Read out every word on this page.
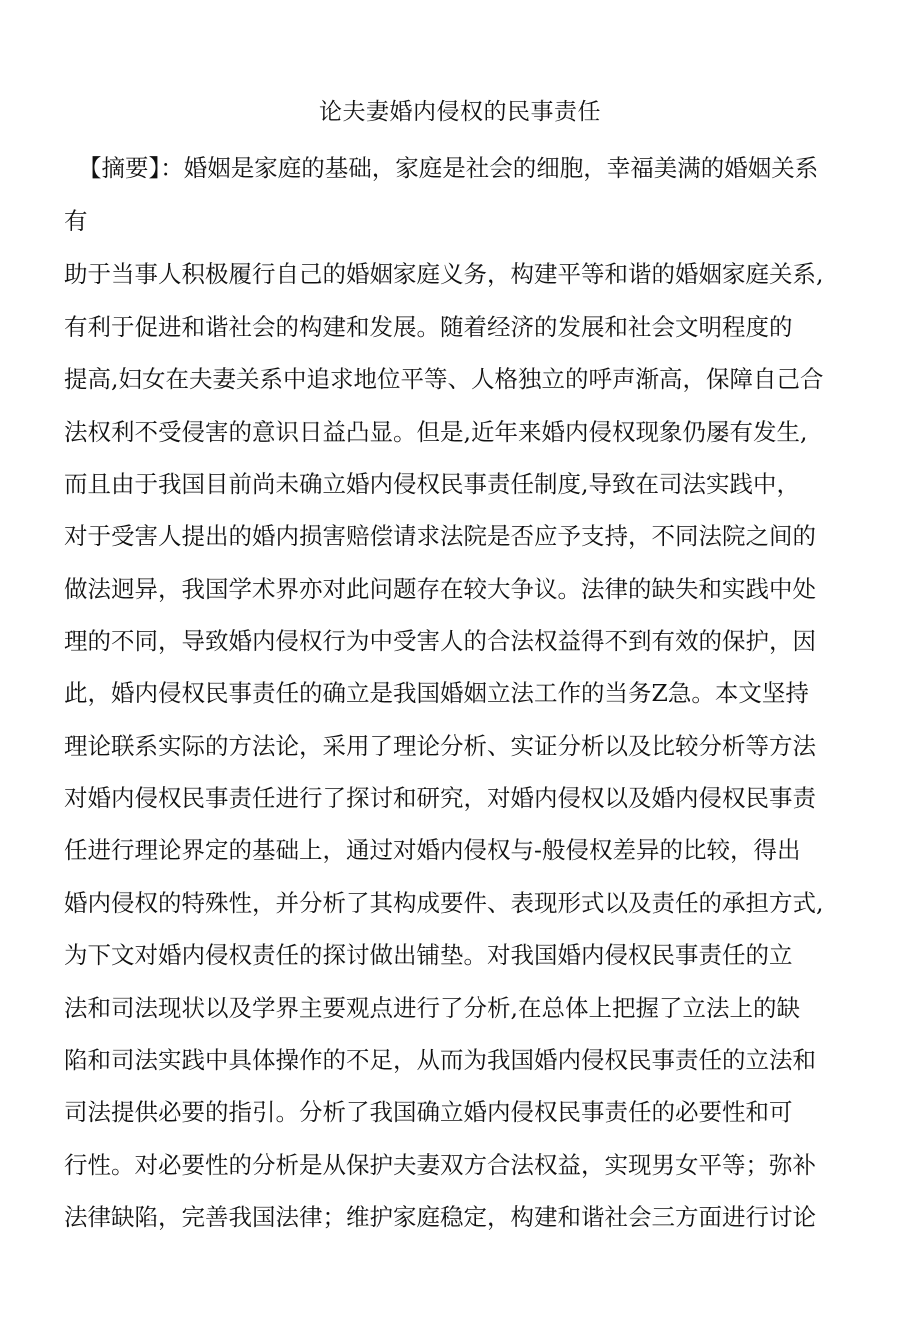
论夫妻婚内侵权的民事责任

【摘要】：婚姻是家庭的基础，家庭是社会的细胞，幸福美满的婚姻关系

有

助于当事人积极履行自己的婚姻家庭义务，构建平等和谐的婚姻家庭关系,

有利于促进和谐社会的构建和发展。随着经济的发展和社会文明程度的

提高,妇女在夫妻关系中追求地位平等、人格独立的呼声渐高，保障自己合

法权利不受侵害的意识日益凸显。但是,近年来婚内侵权现象仍屡有发生,

而且由于我国目前尚未确立婚内侵权民事责任制度,导致在司法实践中，

对于受害人提出的婚内损害赔偿请求法院是否应予支持，不同法院之间的

做法迥异，我国学术界亦对此问题存在较大争议。法律的缺失和实践中处

理的不同，导致婚内侵权行为中受害人的合法权益得不到有效的保护，因

此，婚内侵权民事责任的确立是我国婚姻立法工作的当务Z急。本文坚持

理论联系实际的方法论，采用了理论分析、实证分析以及比较分析等方法

对婚内侵权民事责任进行了探讨和研究，对婚内侵权以及婚内侵权民事责

任进行理论界定的基础上，通过对婚内侵权与-般侵权差异的比较，得出

婚内侵权的特殊性，并分析了其构成要件、表现形式以及责任的承担方式,

为下文对婚内侵权责任的探讨做出铺垫。对我国婚内侵权民事责任的立

法和司法现状以及学界主要观点进行了分析,在总体上把握了立法上的缺

陷和司法实践中具体操作的不足，从而为我国婚内侵权民事责任的立法和

司法提供必要的指引。分析了我国确立婚内侵权民事责任的必要性和可

行性。对必要性的分析是从保护夫妻双方合法权益，实现男女平等；弥补

法律缺陷，完善我国法律；维护家庭稳定，构建和谐社会三方面进行讨论
